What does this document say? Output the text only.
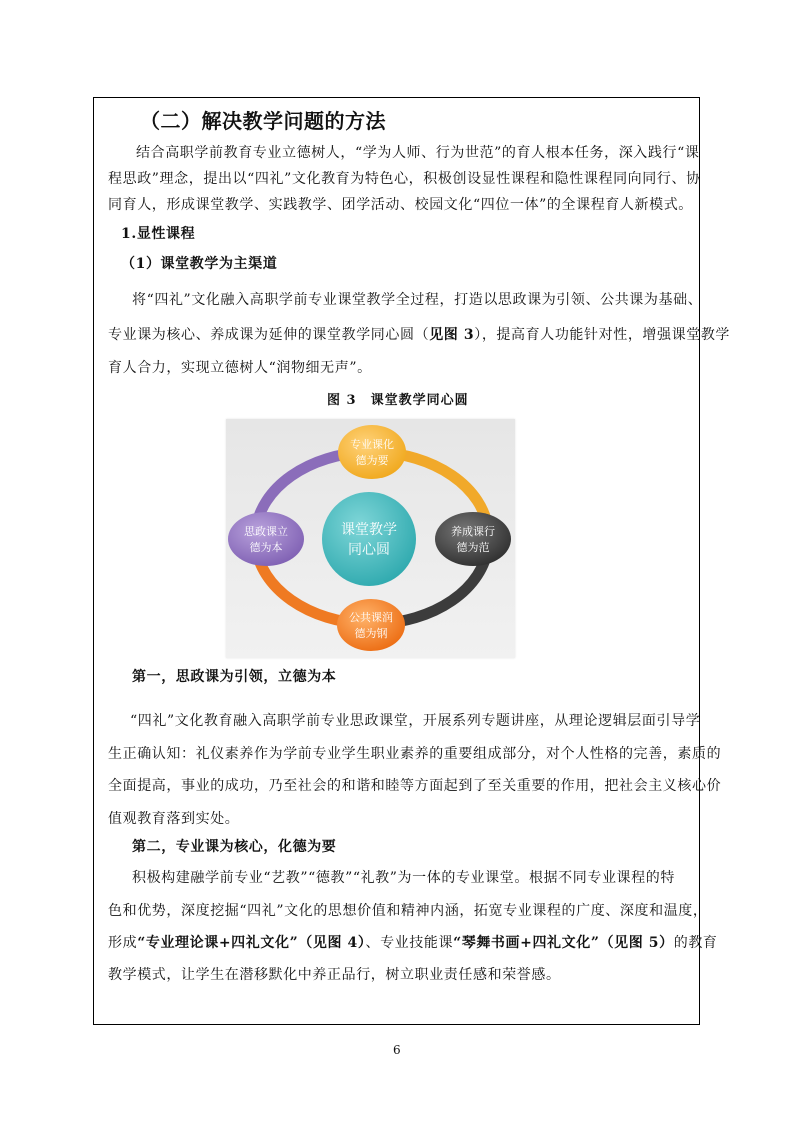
（二）解决教学问题的方法
结合高职学前教育专业立德树人，“学为人师、行为世范”的育人根本任务，深入践行“课
程思政”理念，提出以“四礼”文化教育为特色心，积极创设显性课程和隐性课程同向同行、协
同育人，形成课堂教学、实践教学、团学活动、校园文化“四位一体”的全课程育人新模式。
1.显性课程
（1）课堂教学为主渠道
将“四礼”文化融入高职学前专业课堂教学全过程，打造以思政课为引领、公共课为基础、
专业课为核心、养成课为延伸的课堂教学同心圆（见图 3），提高育人功能针对性，增强课堂教学
育人合力，实现立德树人“润物细无声”。
图 3　课堂教学同心圆
课堂教学
同心圆
专业课化
德为要
养成课行
德为范
公共课润
德为钢
思政课立
德为本
第一，思政课为引领，立德为本
“四礼”文化教育融入高职学前专业思政课堂，开展系列专题讲座，从理论逻辑层面引导学
生正确认知：礼仪素养作为学前专业学生职业素养的重要组成部分，对个人性格的完善，素质的
全面提高，事业的成功，乃至社会的和谐和睦等方面起到了至关重要的作用，把社会主义核心价
值观教育落到实处。
第二，专业课为核心，化德为要
积极构建融学前专业“艺教”“德教”“礼教”为一体的专业课堂。根据不同专业课程的特
色和优势，深度挖掘“四礼”文化的思想价值和精神内涵，拓宽专业课程的广度、深度和温度，
形成“专业理论课+四礼文化”（见图 4）、专业技能课“琴舞书画+四礼文化”（见图 5）的教育
教学模式，让学生在潜移默化中养正品行，树立职业责任感和荣誉感。
6
